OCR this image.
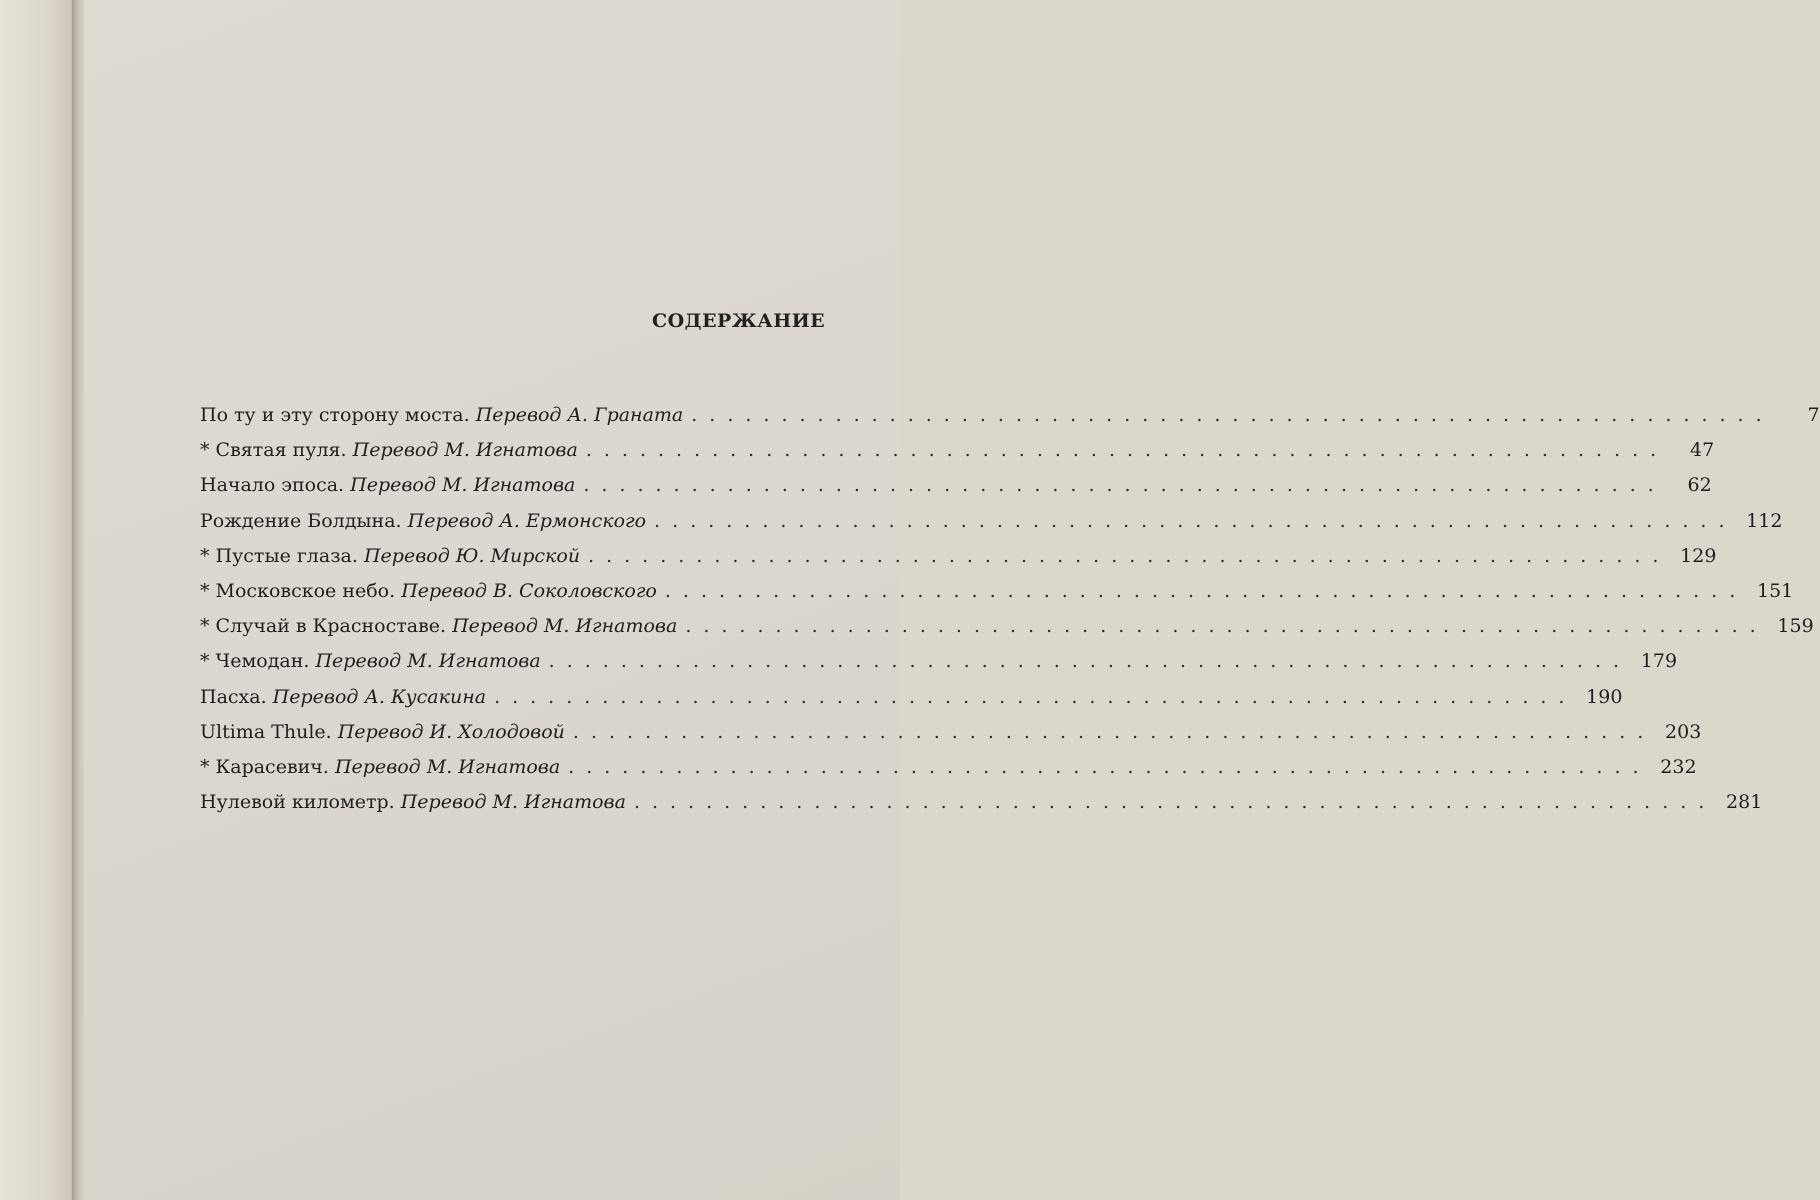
СОДЕРЖАНИЕ
По ту и эту сторону моста. Перевод А. Граната ............................................................	7
* Святая пуля. Перевод М. Игнатова ............................................................	47
Начало эпоса. Перевод М. Игнатова ............................................................	62
Рождение Болдына. Перевод А. Ермонского ............................................................ 112
* Пустые глаза. Перевод Ю. Мирской ............................................................ 129
* Московское небо. Перевод В. Соколовского ............................................................ 151
* Случай в Красноставе. Перевод М. Игнатова ............................................................ 159
* Чемодан. Перевод М. Игнатова ............................................................ 179
Пасха. Перевод А. Кусакина ............................................................ 190
Ultima Thule. Перевод И. Холодовой ............................................................ 203
* Карасевич. Перевод М. Игнатова ............................................................ 232
Нулевой километр. Перевод М. Игнатова ............................................................ 281
